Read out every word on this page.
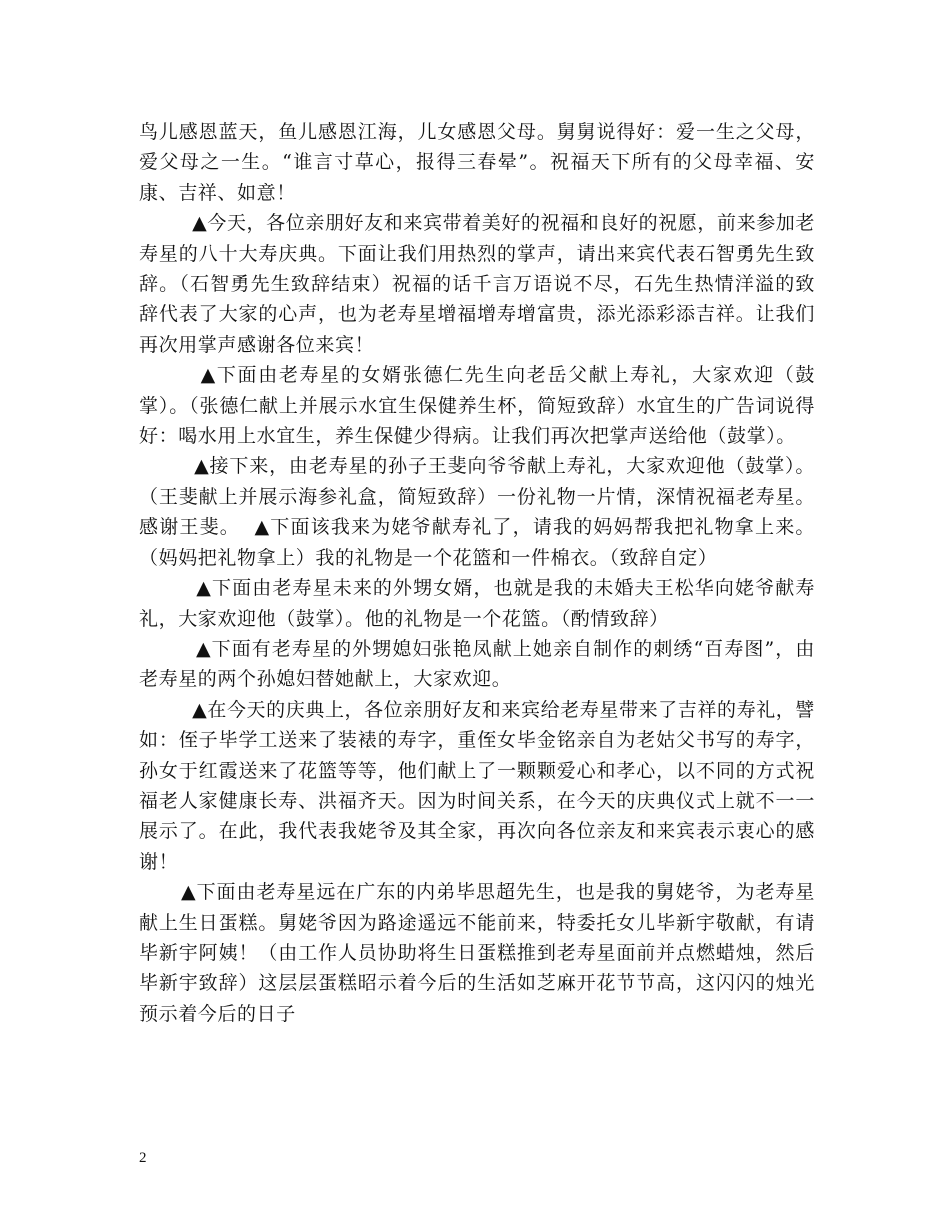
鸟儿感恩蓝天，鱼儿感恩江海，儿女感恩父母。舅舅说得好：爱一生之父母， 爱父母之一生。“谁言寸草心，报得三春晕”。祝福天下所有的父母幸福、安康、吉祥、如意！

▲今天，各位亲朋好友和来宾带着美好的祝福和良好的祝愿，前来参加老寿星的八十大寿庆典。下面让我们用热烈的掌声，请出来宾代表石智勇先生致辞。（石智勇先生致辞结束）祝福的话千言万语说不尽，石先生热情洋溢的致辞代表了大家的心声，也为老寿星增福增寿增富贵，添光添彩添吉祥。让我们再次用掌声感谢各位来宾！

▲下面由老寿星的女婿张德仁先生向老岳父献上寿礼，大家欢迎（鼓掌）。（张德仁献上并展示水宜生保健养生杯，简短致辞）水宜生的广告词说得好：喝水用上水宜生，养生保健少得病。让我们再次把掌声送给他（鼓掌）。

▲接下来，由老寿星的孙子王斐向爷爷献上寿礼，大家欢迎他（鼓掌）。（王斐献上并展示海参礼盒，简短致辞）一份礼物一片情，深情祝福老寿星。感谢王斐。  ▲下面该我来为姥爷献寿礼了，请我的妈妈帮我把礼物拿上来。（妈妈把礼物拿上）我的礼物是一个花篮和一件棉衣。（致辞自定）

▲下面由老寿星未来的外甥女婿，也就是我的未婚夫王松华向姥爷献寿礼，大家欢迎他（鼓掌）。他的礼物是一个花篮。（酌情致辞）

▲下面有老寿星的外甥媳妇张艳凤献上她亲自制作的刺绣“百寿图”，由老寿星的两个孙媳妇替她献上，大家欢迎。

▲在今天的庆典上，各位亲朋好友和来宾给老寿星带来了吉祥的寿礼，譬如：侄子毕学工送来了装裱的寿字，重侄女毕金铭亲自为老姑父书写的寿字，孙女于红霞送来了花篮等等，他们献上了一颗颗爱心和孝心，以不同的方式祝福老人家健康长寿、洪福齐天。因为时间关系，在今天的庆典仪式上就不一一展示了。在此，我代表我姥爷及其全家，再次向各位亲友和来宾表示衷心的感谢！

▲下面由老寿星远在广东的内弟毕思超先生，也是我的舅姥爷，为老寿星献上生日蛋糕。舅姥爷因为路途遥远不能前来，特委托女儿毕新宇敬献，有请毕新宇阿姨！（由工作人员协助将生日蛋糕推到老寿星面前并点燃蜡烛，然后毕新宇致辞）这层层蛋糕昭示着今后的生活如芝麻开花节节高，这闪闪的烛光预示着今后的日子

2
